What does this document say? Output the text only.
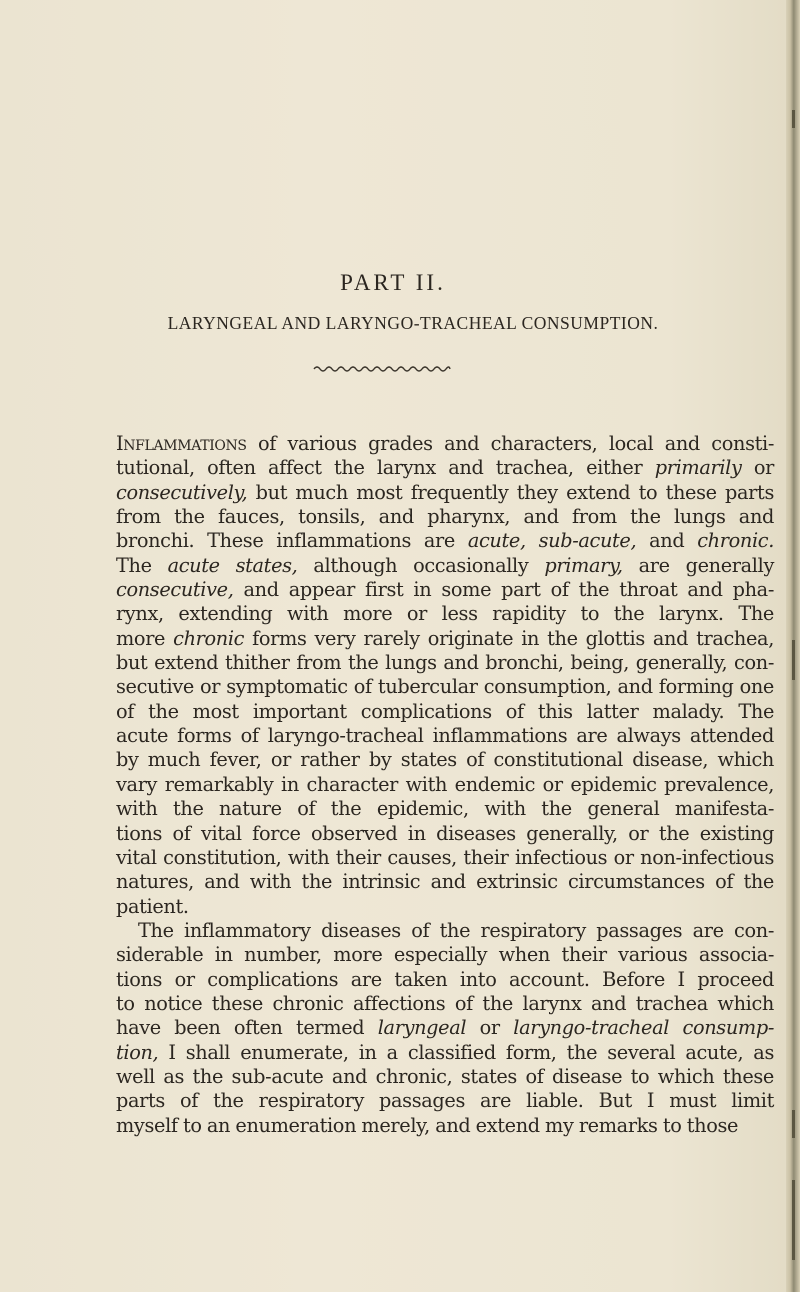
PART II.
LARYNGEAL AND LARYNGO-TRACHEAL CONSUMPTION.
Inflammations of various grades and characters, local and consti-
tutional, often affect the larynx and trachea, either primarily or
consecutively, but much most frequently they extend to these parts
from the fauces, tonsils, and pharynx, and from the lungs and
bronchi. These inflammations are acute, sub-acute, and chronic.
The acute states, although occasionally primary, are generally
consecutive, and appear first in some part of the throat and pha-
rynx, extending with more or less rapidity to the larynx. The
more chronic forms very rarely originate in the glottis and trachea,
but extend thither from the lungs and bronchi, being, generally, con-
secutive or symptomatic of tubercular consumption, and forming one
of the most important complications of this latter malady. The
acute forms of laryngo-tracheal inflammations are always attended
by much fever, or rather by states of constitutional disease, which
vary remarkably in character with endemic or epidemic prevalence,
with the nature of the epidemic, with the general manifesta-
tions of vital force observed in diseases generally, or the existing
vital constitution, with their causes, their infectious or non-infectious
natures, and with the intrinsic and extrinsic circumstances of the
patient.
The inflammatory diseases of the respiratory passages are con-
siderable in number, more especially when their various associa-
tions or complications are taken into account. Before I proceed
to notice these chronic affections of the larynx and trachea which
have been often termed laryngeal or laryngo-tracheal consump-
tion, I shall enumerate, in a classified form, the several acute, as
well as the sub-acute and chronic, states of disease to which these
parts of the respiratory passages are liable. But I must limit
myself to an enumeration merely, and extend my remarks to those
